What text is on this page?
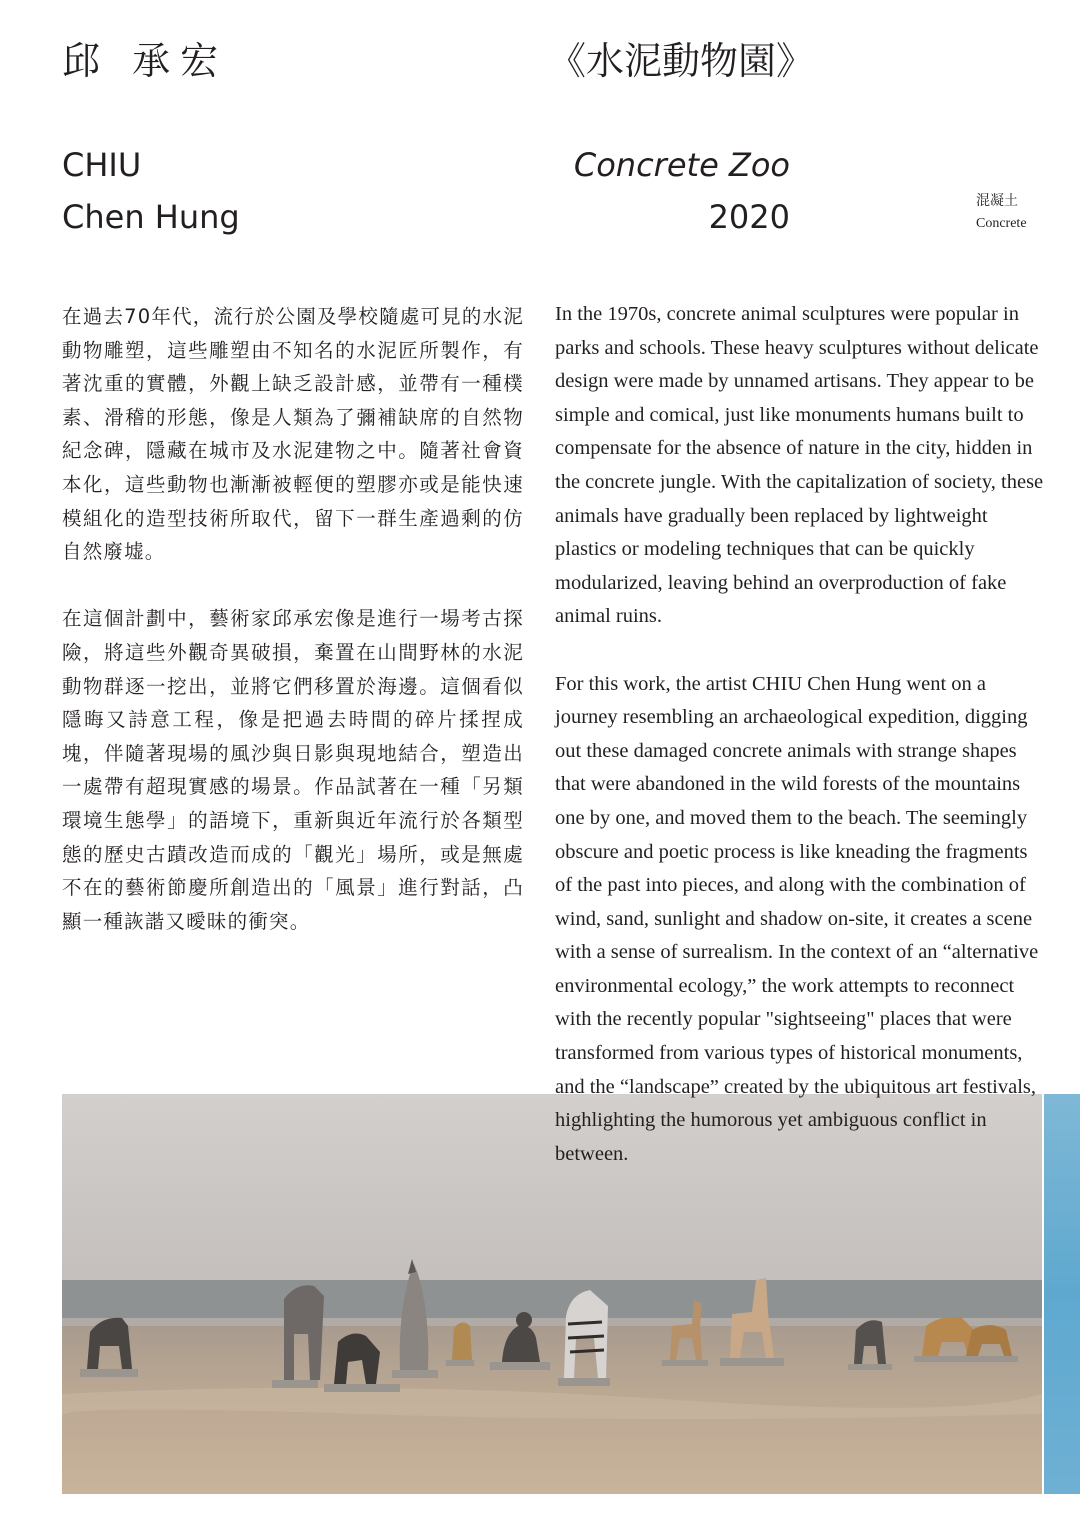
邱 承宏	《水泥動物園》
CHIU
Chen Hung
Concrete Zoo
2020	混凝土
Concrete

在過去70年代，流行於公園及學校隨處可見的水泥動物雕塑，這些雕塑由不知名的水泥匠所製作，有著沈重的實體，外觀上缺乏設計感，並帶有一種樸素、滑稽的形態，像是人類為了彌補缺席的自然物紀念碑，隱藏在城市及水泥建物之中。隨著社會資本化，這些動物也漸漸被輕便的塑膠亦或是能快速模組化的造型技術所取代，留下一群生產過剩的仿自然廢墟。

在這個計劃中，藝術家邱承宏像是進行一場考古探險，將這些外觀奇異破損，棄置在山間野林的水泥動物群逐一挖出，並將它們移置於海邊。這個看似隱晦又詩意工程，像是把過去時間的碎片揉捏成塊，伴隨著現場的風沙與日影與現地結合，塑造出一處帶有超現實感的場景。作品試著在一種「另類環境生態學」的語境下，重新與近年流行於各類型態的歷史古蹟改造而成的「觀光」場所，或是無處不在的藝術節慶所創造出的「風景」進行對話，凸顯一種詼諧又曖昧的衝突。

In the 1970s, concrete animal sculptures were popular in parks and schools. These heavy sculptures without delicate design were made by unnamed artisans. They appear to be simple and comical, just like monuments humans built to compensate for the absence of nature in the city, hidden in the concrete jungle. With the capitalization of society, these animals have gradually been replaced by lightweight plastics or modeling techniques that can be quickly modularized, leaving behind an overproduction of fake animal ruins.

For this work, the artist CHIU Chen Hung went on a journey resembling an archaeological expedition, digging out these damaged concrete animals with strange shapes that were abandoned in the wild forests of the mountains one by one, and moved them to the beach. The seemingly obscure and poetic process is like kneading the fragments of the past into pieces, and along with the combination of wind, sand, sunlight and shadow on-site, it creates a scene with a sense of surrealism. In the context of an “alternative environmental ecology,” the work attempts to reconnect with the recently popular "sightseeing" places that were transformed from various types of historical monuments, and the “landscape” created by the ubiquitous art festivals, highlighting the humorous yet ambiguous conflict in between.
